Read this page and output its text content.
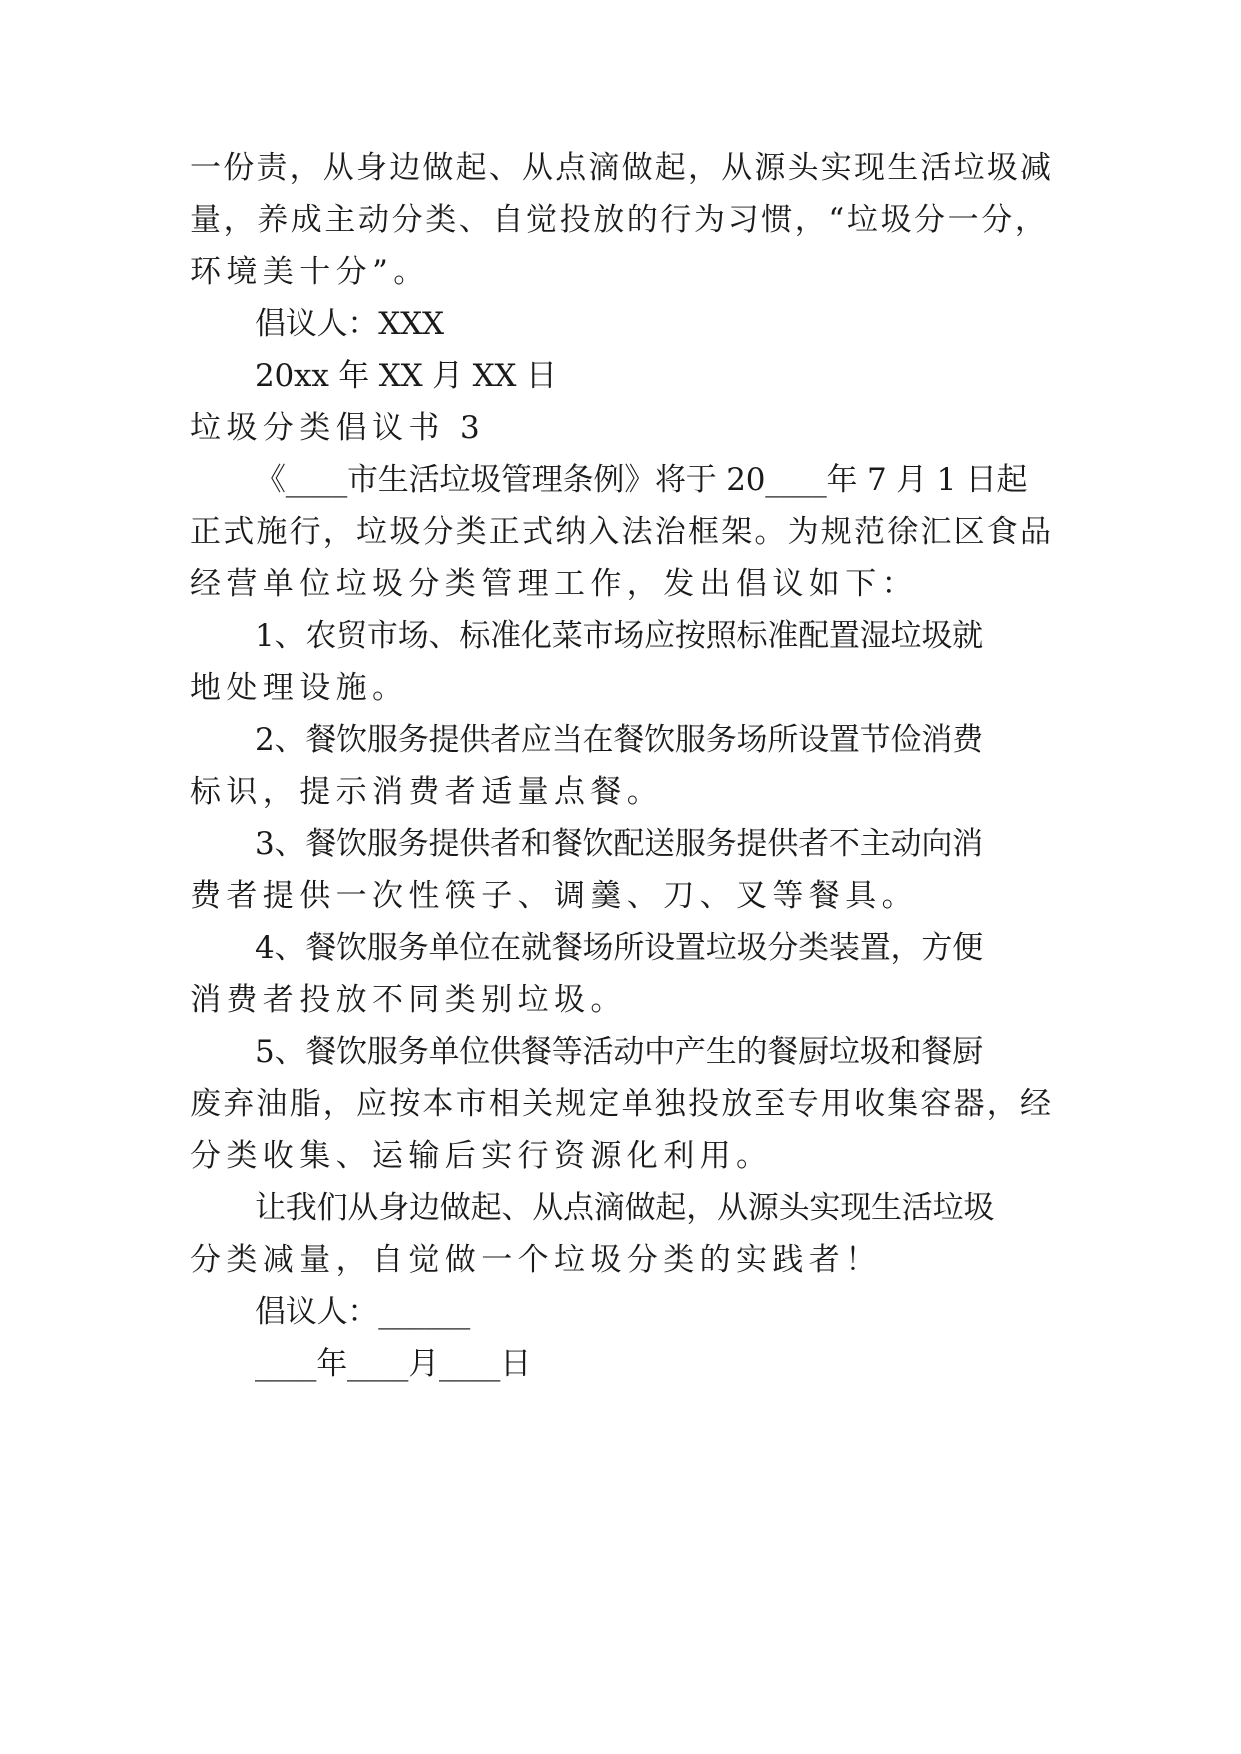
一份责，从身边做起、从点滴做起，从源头实现生活垃圾减
量，养成主动分类、自觉投放的行为习惯，“垃圾分一分，
环境美十分”。
倡议人：XXX
20xx 年 XX 月 XX 日
垃圾分类倡议书 3
《____市生活垃圾管理条例》将于 20____年 7 月 1 日起
正式施行，垃圾分类正式纳入法治框架。为规范徐汇区食品
经营单位垃圾分类管理工作，发出倡议如下：
1、农贸市场、标准化菜市场应按照标准配置湿垃圾就
地处理设施。
2、餐饮服务提供者应当在餐饮服务场所设置节俭消费
标识，提示消费者适量点餐。
3、餐饮服务提供者和餐饮配送服务提供者不主动向消
费者提供一次性筷子、调羹、刀、叉等餐具。
4、餐饮服务单位在就餐场所设置垃圾分类装置，方便
消费者投放不同类别垃圾。
5、餐饮服务单位供餐等活动中产生的餐厨垃圾和餐厨
废弃油脂，应按本市相关规定单独投放至专用收集容器，经
分类收集、运输后实行资源化利用。
让我们从身边做起、从点滴做起，从源头实现生活垃圾
分类减量，自觉做一个垃圾分类的实践者！
倡议人：______
____年____月____日
